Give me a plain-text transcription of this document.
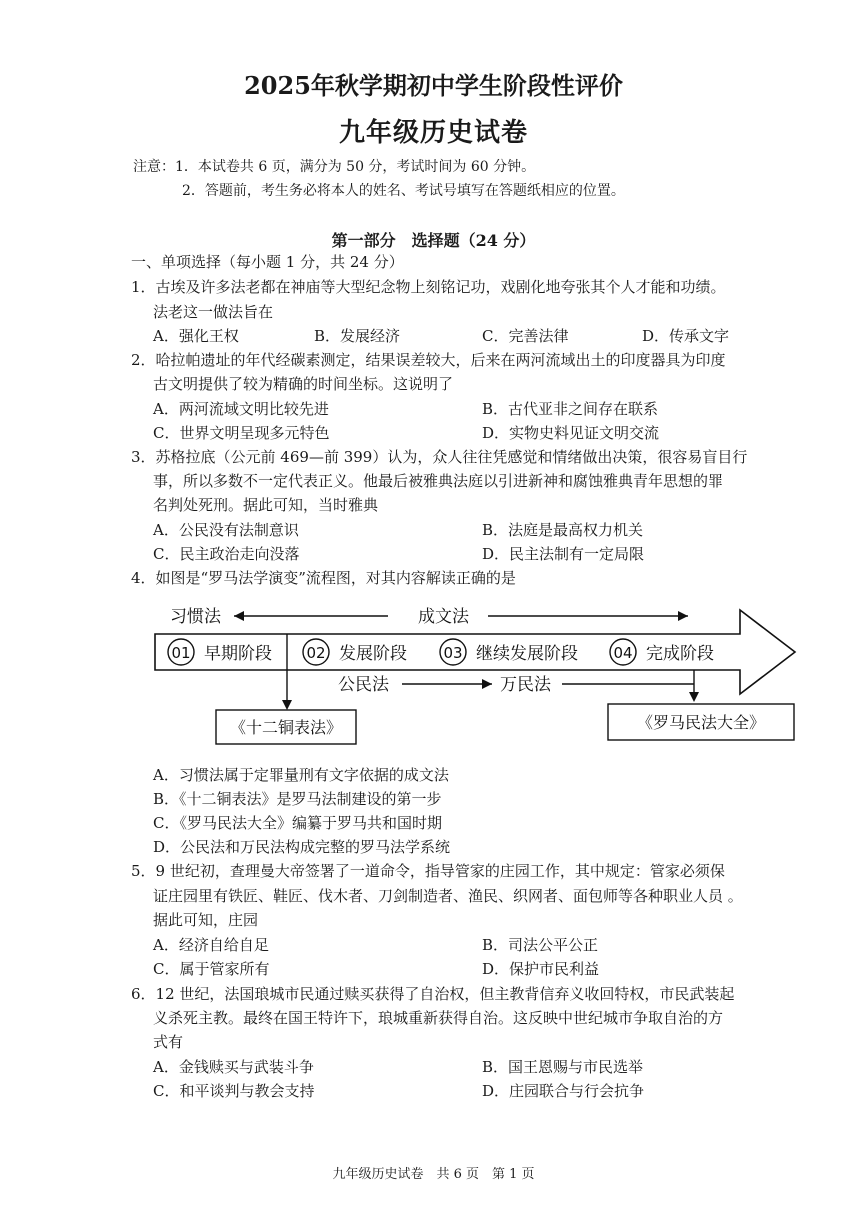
2025年秋学期初中学生阶段性评价
九年级历史试卷
注意：1．本试卷共 6 页，满分为 50 分，考试时间为 60 分钟。
2．答题前，考生务必将本人的姓名、考试号填写在答题纸相应的位置。
第一部分　选择题（24 分）
一、单项选择（每小题 1 分，共 24 分）
1．古埃及许多法老都在神庙等大型纪念物上刻铭记功，戏剧化地夸张其个人才能和功绩。
法老这一做法旨在
A．强化王权	B．发展经济	C．完善法律	D．传承文字
2．哈拉帕遗址的年代经碳素测定，结果误差较大，后来在两河流域出土的印度器具为印度
古文明提供了较为精确的时间坐标。这说明了
A．两河流域文明比较先进	B．古代亚非之间存在联系
C．世界文明呈现多元特色	D．实物史料见证文明交流
3．苏格拉底（公元前 469—前 399）认为，众人往往凭感觉和情绪做出决策，很容易盲目行
事，所以多数不一定代表正义。他最后被雅典法庭以引进新神和腐蚀雅典青年思想的罪
名判处死刑。据此可知，当时雅典
A．公民没有法制意识	B．法庭是最高权力机关
C．民主政治走向没落	D．民主法制有一定局限
4．如图是“罗马法学演变”流程图，对其内容解读正确的是
习惯法	成文法
01 早期阶段 02 发展阶段 03 继续发展阶段 04 完成阶段
公民法	万民法
《十二铜表法》	《罗马民法大全》
A．习惯法属于定罪量刑有文字依据的成文法
B．《十二铜表法》是罗马法制建设的第一步
C．《罗马民法大全》编纂于罗马共和国时期
D．公民法和万民法构成完整的罗马法学系统
5．9 世纪初，查理曼大帝签署了一道命令，指导管家的庄园工作，其中规定：管家必须保
证庄园里有铁匠、鞋匠、伐木者、刀剑制造者、渔民、织网者、面包师等各种职业人员 。
据此可知，庄园
A．经济自给自足	B．司法公平公正
C．属于管家所有	D．保护市民利益
6．12 世纪，法国琅城市民通过赎买获得了自治权，但主教背信弃义收回特权，市民武装起
义杀死主教。最终在国王特许下，琅城重新获得自治。这反映中世纪城市争取自治的方
式有
A．金钱赎买与武装斗争	B．国王恩赐与市民选举
C．和平谈判与教会支持	D．庄园联合与行会抗争
九年级历史试卷　共 6 页　第 1 页
